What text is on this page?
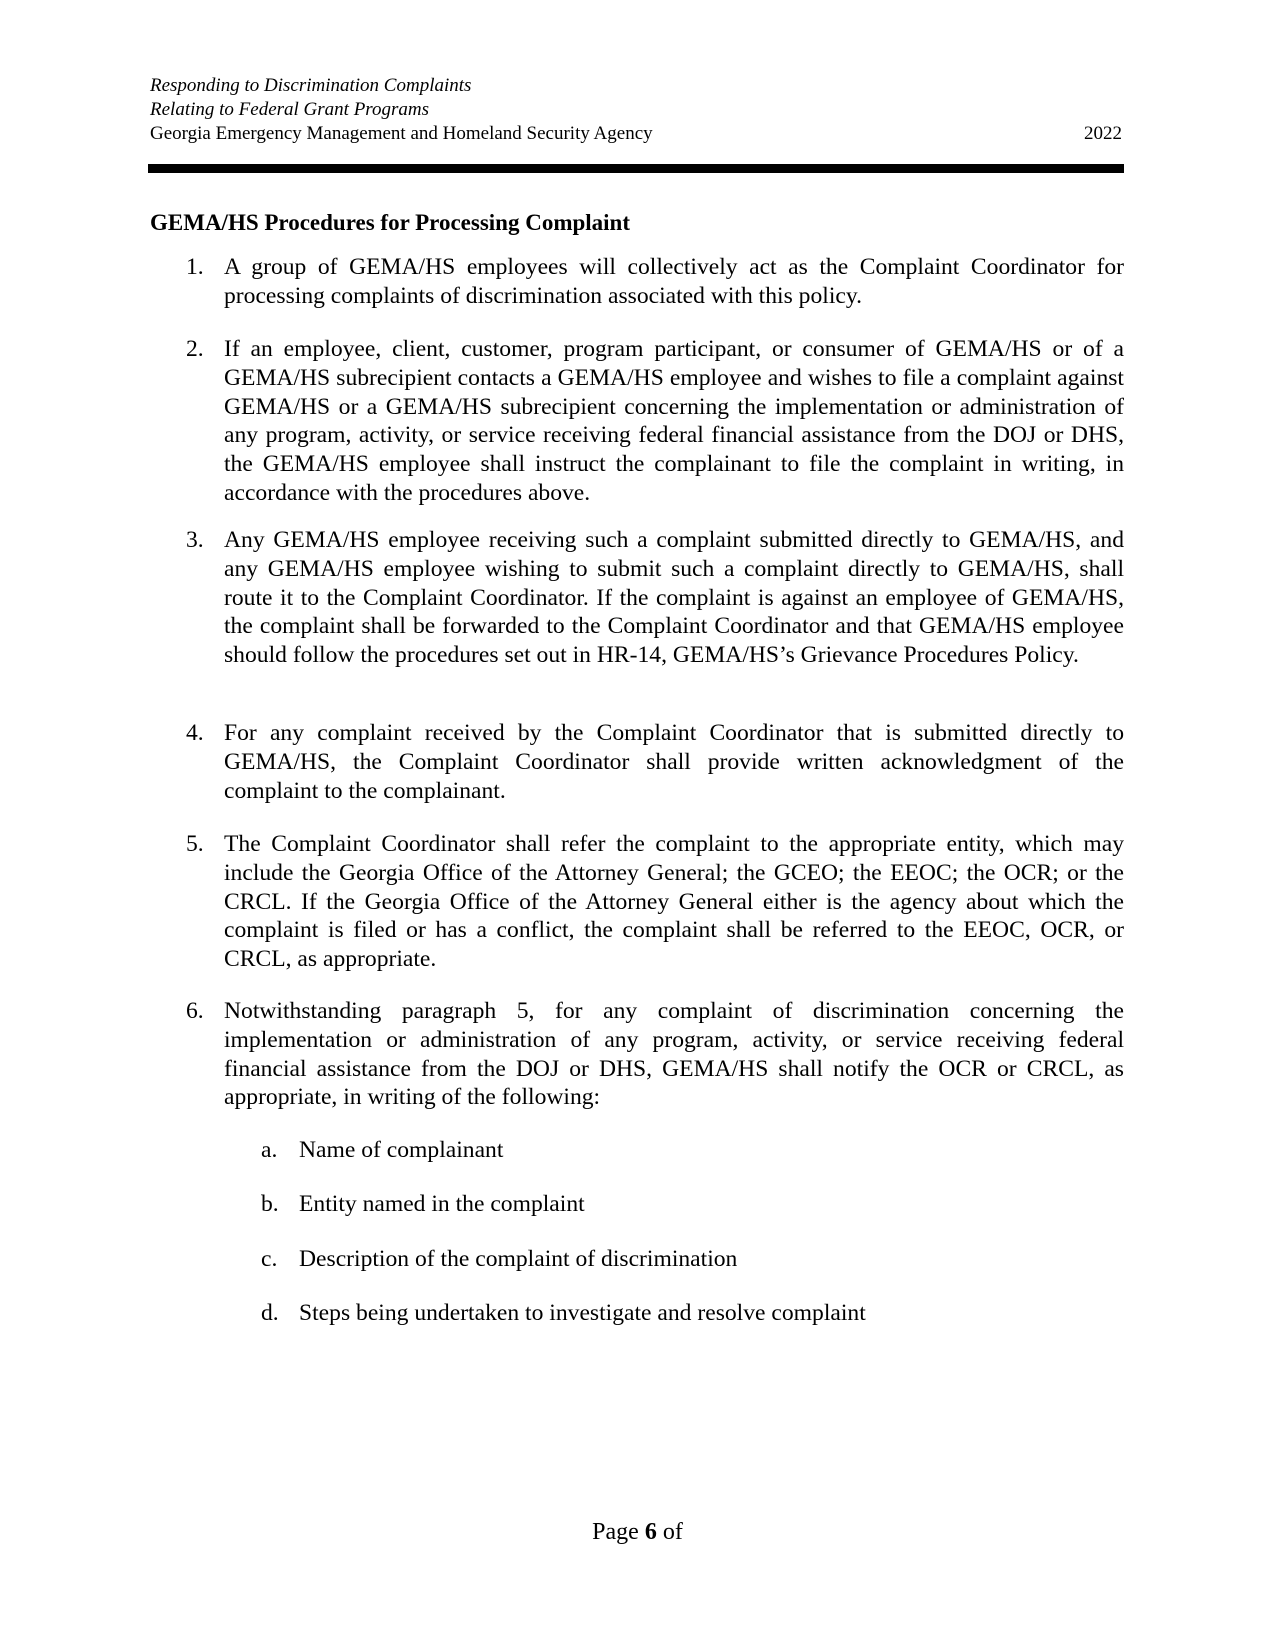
Responding to Discrimination Complaints
Relating to Federal Grant Programs
Georgia Emergency Management and Homeland Security Agency	2022
GEMA/HS Procedures for Processing Complaint
1. A group of GEMA/HS employees will collectively act as the Complaint Coordinator for processing complaints of discrimination associated with this policy.
2. If an employee, client, customer, program participant, or consumer of GEMA/HS or of a GEMA/HS subrecipient contacts a GEMA/HS employee and wishes to file a complaint against GEMA/HS or a GEMA/HS subrecipient concerning the implementation or administration of any program, activity, or service receiving federal financial assistance from the DOJ or DHS, the GEMA/HS employee shall instruct the complainant to file the complaint in writing, in accordance with the procedures above.
3. Any GEMA/HS employee receiving such a complaint submitted directly to GEMA/HS, and any GEMA/HS employee wishing to submit such a complaint directly to GEMA/HS, shall route it to the Complaint Coordinator. If the complaint is against an employee of GEMA/HS, the complaint shall be forwarded to the Complaint Coordinator and that GEMA/HS employee should follow the procedures set out in HR-14, GEMA/HS’s Grievance Procedures Policy.
4. For any complaint received by the Complaint Coordinator that is submitted directly to GEMA/HS, the Complaint Coordinator shall provide written acknowledgment of the complaint to the complainant.
5. The Complaint Coordinator shall refer the complaint to the appropriate entity, which may include the Georgia Office of the Attorney General; the GCEO; the EEOC; the OCR; or the CRCL. If the Georgia Office of the Attorney General either is the agency about which the complaint is filed or has a conflict, the complaint shall be referred to the EEOC, OCR, or CRCL, as appropriate.
6. Notwithstanding paragraph 5, for any complaint of discrimination concerning the implementation or administration of any program, activity, or service receiving federal financial assistance from the DOJ or DHS, GEMA/HS shall notify the OCR or CRCL, as appropriate, in writing of the following:
a. Name of complainant
b. Entity named in the complaint
c. Description of the complaint of discrimination
d. Steps being undertaken to investigate and resolve complaint
Page 6 of
